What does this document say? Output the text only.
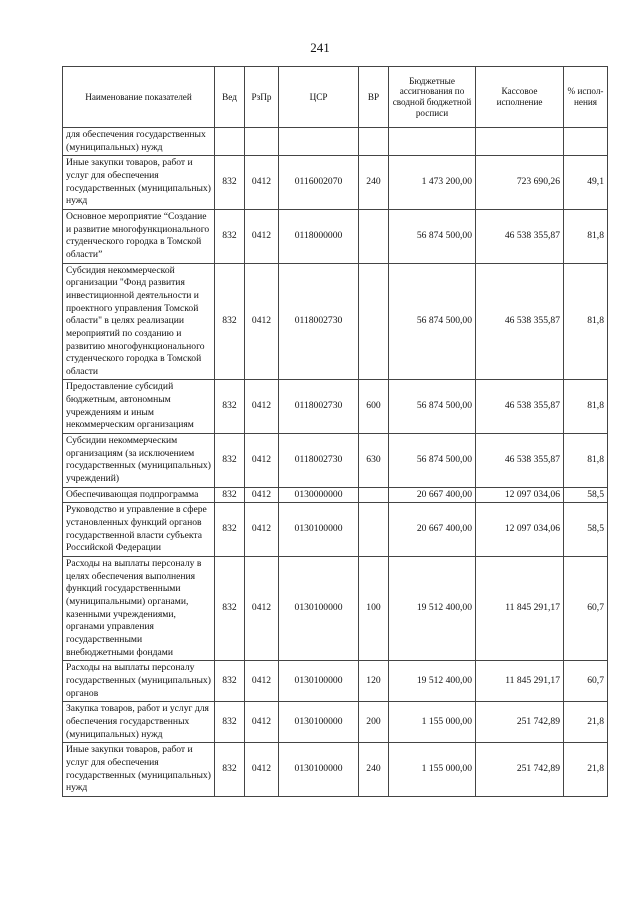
241
Наименование показателей	Вед	РзПр	ЦСР	ВР	Бюджетные ассигнования по сводной бюджетной росписи	Кассовое исполнение	% испол-нения
для обеспечения государственных (муниципальных) нужд							
Иные закупки товаров, работ и услуг для обеспечения государственных (муниципальных) нужд	832	0412	0116002070	240	1 473 200,00	723 690,26	49,1
Основное мероприятие “Создание и развитие многофункционального студенческого городка в Томской области”	832	0412	0118000000		56 874 500,00	46 538 355,87	81,8
Субсидия некоммерческой организации "Фонд развития инвестиционной деятельности и проектного управления Томской области" в целях реализации мероприятий по созданию и развитию многофункционального студенческого городка в Томской области	832	0412	0118002730		56 874 500,00	46 538 355,87	81,8
Предоставление субсидий бюджетным, автономным учреждениям и иным некоммерческим организациям	832	0412	0118002730	600	56 874 500,00	46 538 355,87	81,8
Субсидии некоммерческим организациям (за исключением государственных (муниципальных) учреждений)	832	0412	0118002730	630	56 874 500,00	46 538 355,87	81,8
Обеспечивающая подпрограмма	832	0412	0130000000		20 667 400,00	12 097 034,06	58,5
Руководство и управление в сфере установленных функций органов государственной власти субъекта Российской Федерации	832	0412	0130100000		20 667 400,00	12 097 034,06	58,5
Расходы на выплаты персоналу в целях обеспечения выполнения функций государственными (муниципальными) органами, казенными учреждениями, органами управления государственными внебюджетными фондами	832	0412	0130100000	100	19 512 400,00	11 845 291,17	60,7
Расходы на выплаты персоналу государственных (муниципальных) органов	832	0412	0130100000	120	19 512 400,00	11 845 291,17	60,7
Закупка товаров, работ и услуг для обеспечения государственных (муниципальных) нужд	832	0412	0130100000	200	1 155 000,00	251 742,89	21,8
Иные закупки товаров, работ и услуг для обеспечения государственных (муниципальных) нужд	832	0412	0130100000	240	1 155 000,00	251 742,89	21,8
